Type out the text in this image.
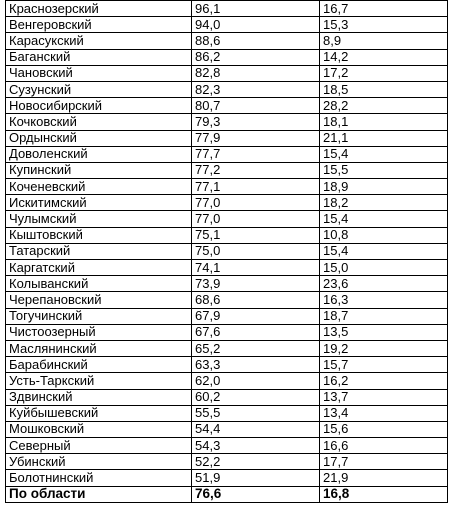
Краснозерский	96,1	16,7
Венгеровский	94,0	15,3
Карасукский	88,6	8,9
Баганский	86,2	14,2
Чановский	82,8	17,2
Сузунский	82,3	18,5
Новосибирский	80,7	28,2
Кочковский	79,3	18,1
Ордынский	77,9	21,1
Доволенский	77,7	15,4
Купинский	77,2	15,5
Коченевский	77,1	18,9
Искитимский	77,0	18,2
Чулымский	77,0	15,4
Кыштовский	75,1	10,8
Татарский	75,0	15,4
Каргатский	74,1	15,0
Колыванский	73,9	23,6
Черепановский	68,6	16,3
Тогучинский	67,9	18,7
Чистоозерный	67,6	13,5
Маслянинский	65,2	19,2
Барабинский	63,3	15,7
Усть-Таркский	62,0	16,2
Здвинский	60,2	13,7
Куйбышевский	55,5	13,4
Мошковский	54,4	15,6
Северный	54,3	16,6
Убинский	52,2	17,7
Болотнинский	51,9	21,9
По области	76,6	16,8
